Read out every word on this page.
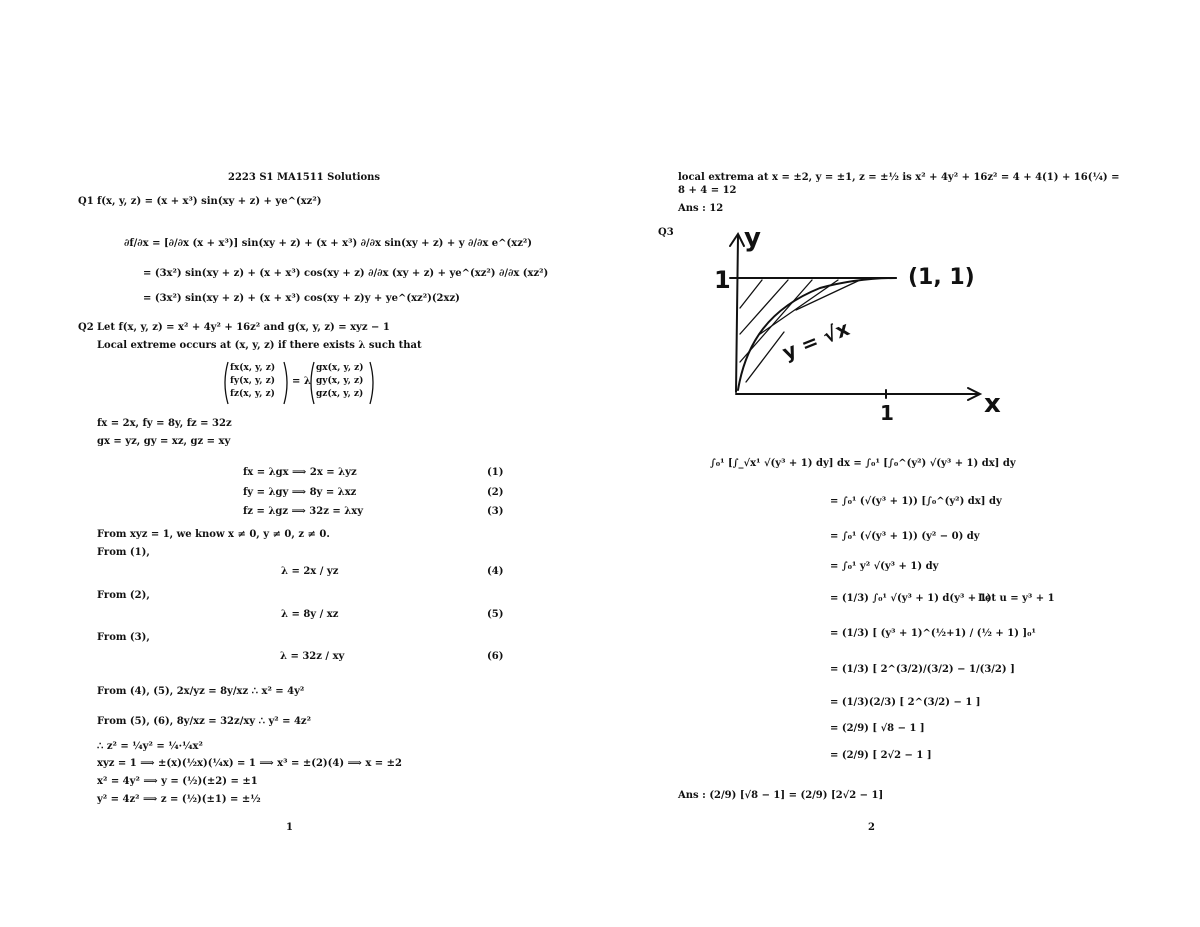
2223 S1 MA1511 Solutions
Q1 f(x, y, z) = (x + x³) sin(xy + z) + ye^(xz²)
∂f/∂x = [∂/∂x (x + x³)] sin(xy + z) + (x + x³) ∂/∂x sin(xy + z) + y ∂/∂x e^(xz²)
= (3x²) sin(xy + z) + (x + x³) cos(xy + z) ∂/∂x (xy + z) + ye^(xz²) ∂/∂x (xz²)
= (3x²) sin(xy + z) + (x + x³) cos(xy + z)y + ye^(xz²)(2xz)
Q2 Let f(x, y, z) = x² + 4y² + 16z² and g(x, y, z) = xyz − 1
Local extreme occurs at (x, y, z) if there exists λ such that
fx(x, y, z)
fy(x, y, z)
fz(x, y, z)
= λ
gx(x, y, z)
gy(x, y, z)
gz(x, y, z)
fx = 2x, fy = 8y, fz = 32z
gx = yz, gy = xz, gz = xy
fx = λgx ⟹ 2x = λyz	(1)
fy = λgy ⟹ 8y = λxz	(2)
fz = λgz ⟹ 32z = λxy	(3)
From xyz = 1, we know x ≠ 0, y ≠ 0, z ≠ 0.
From (1),
λ = 2x / yz	(4)
From (2),
λ = 8y / xz	(5)
From (3),
λ = 32z / xy	(6)
From (4), (5), 2x/yz = 8y/xz ∴ x² = 4y²
From (5), (6), 8y/xz = 32z/xy ∴ y² = 4z²
∴ z² = ¼y² = ¼·¼x²
xyz = 1 ⟹ ±(x)(½x)(¼x) = 1 ⟹ x³ = ±(2)(4) ⟹ x = ±2
x² = 4y² ⟹ y = (½)(±2) = ±1
y² = 4z² ⟹ z = (½)(±1) = ±½
1
local extrema at x = ±2, y = ±1, z = ±½ is x² + 4y² + 16z² = 4 + 4(1) + 16(¼) =
8 + 4 = 12
Ans : 12
Q3	y
x
1
1
(1, 1)
y = √x
∫₀¹ [∫_√x¹ √(y³ + 1) dy] dx = ∫₀¹ [∫₀^(y²) √(y³ + 1) dx] dy
= ∫₀¹ (√(y³ + 1)) [∫₀^(y²) dx] dy
= ∫₀¹ (√(y³ + 1)) (y² − 0) dy
= ∫₀¹ y² √(y³ + 1) dy
= (1/3) ∫₀¹ √(y³ + 1) d(y³ + 1)
Let u = y³ + 1
= (1/3) [ (y³ + 1)^(½+1) / (½ + 1) ]₀¹
= (1/3) [ 2^(3/2)/(3/2) − 1/(3/2) ]
= (1/3)(2/3) [ 2^(3/2) − 1 ]
= (2/9) [ √8 − 1 ]
= (2/9) [ 2√2 − 1 ]
Ans : (2/9) [√8 − 1] = (2/9) [2√2 − 1]
2
